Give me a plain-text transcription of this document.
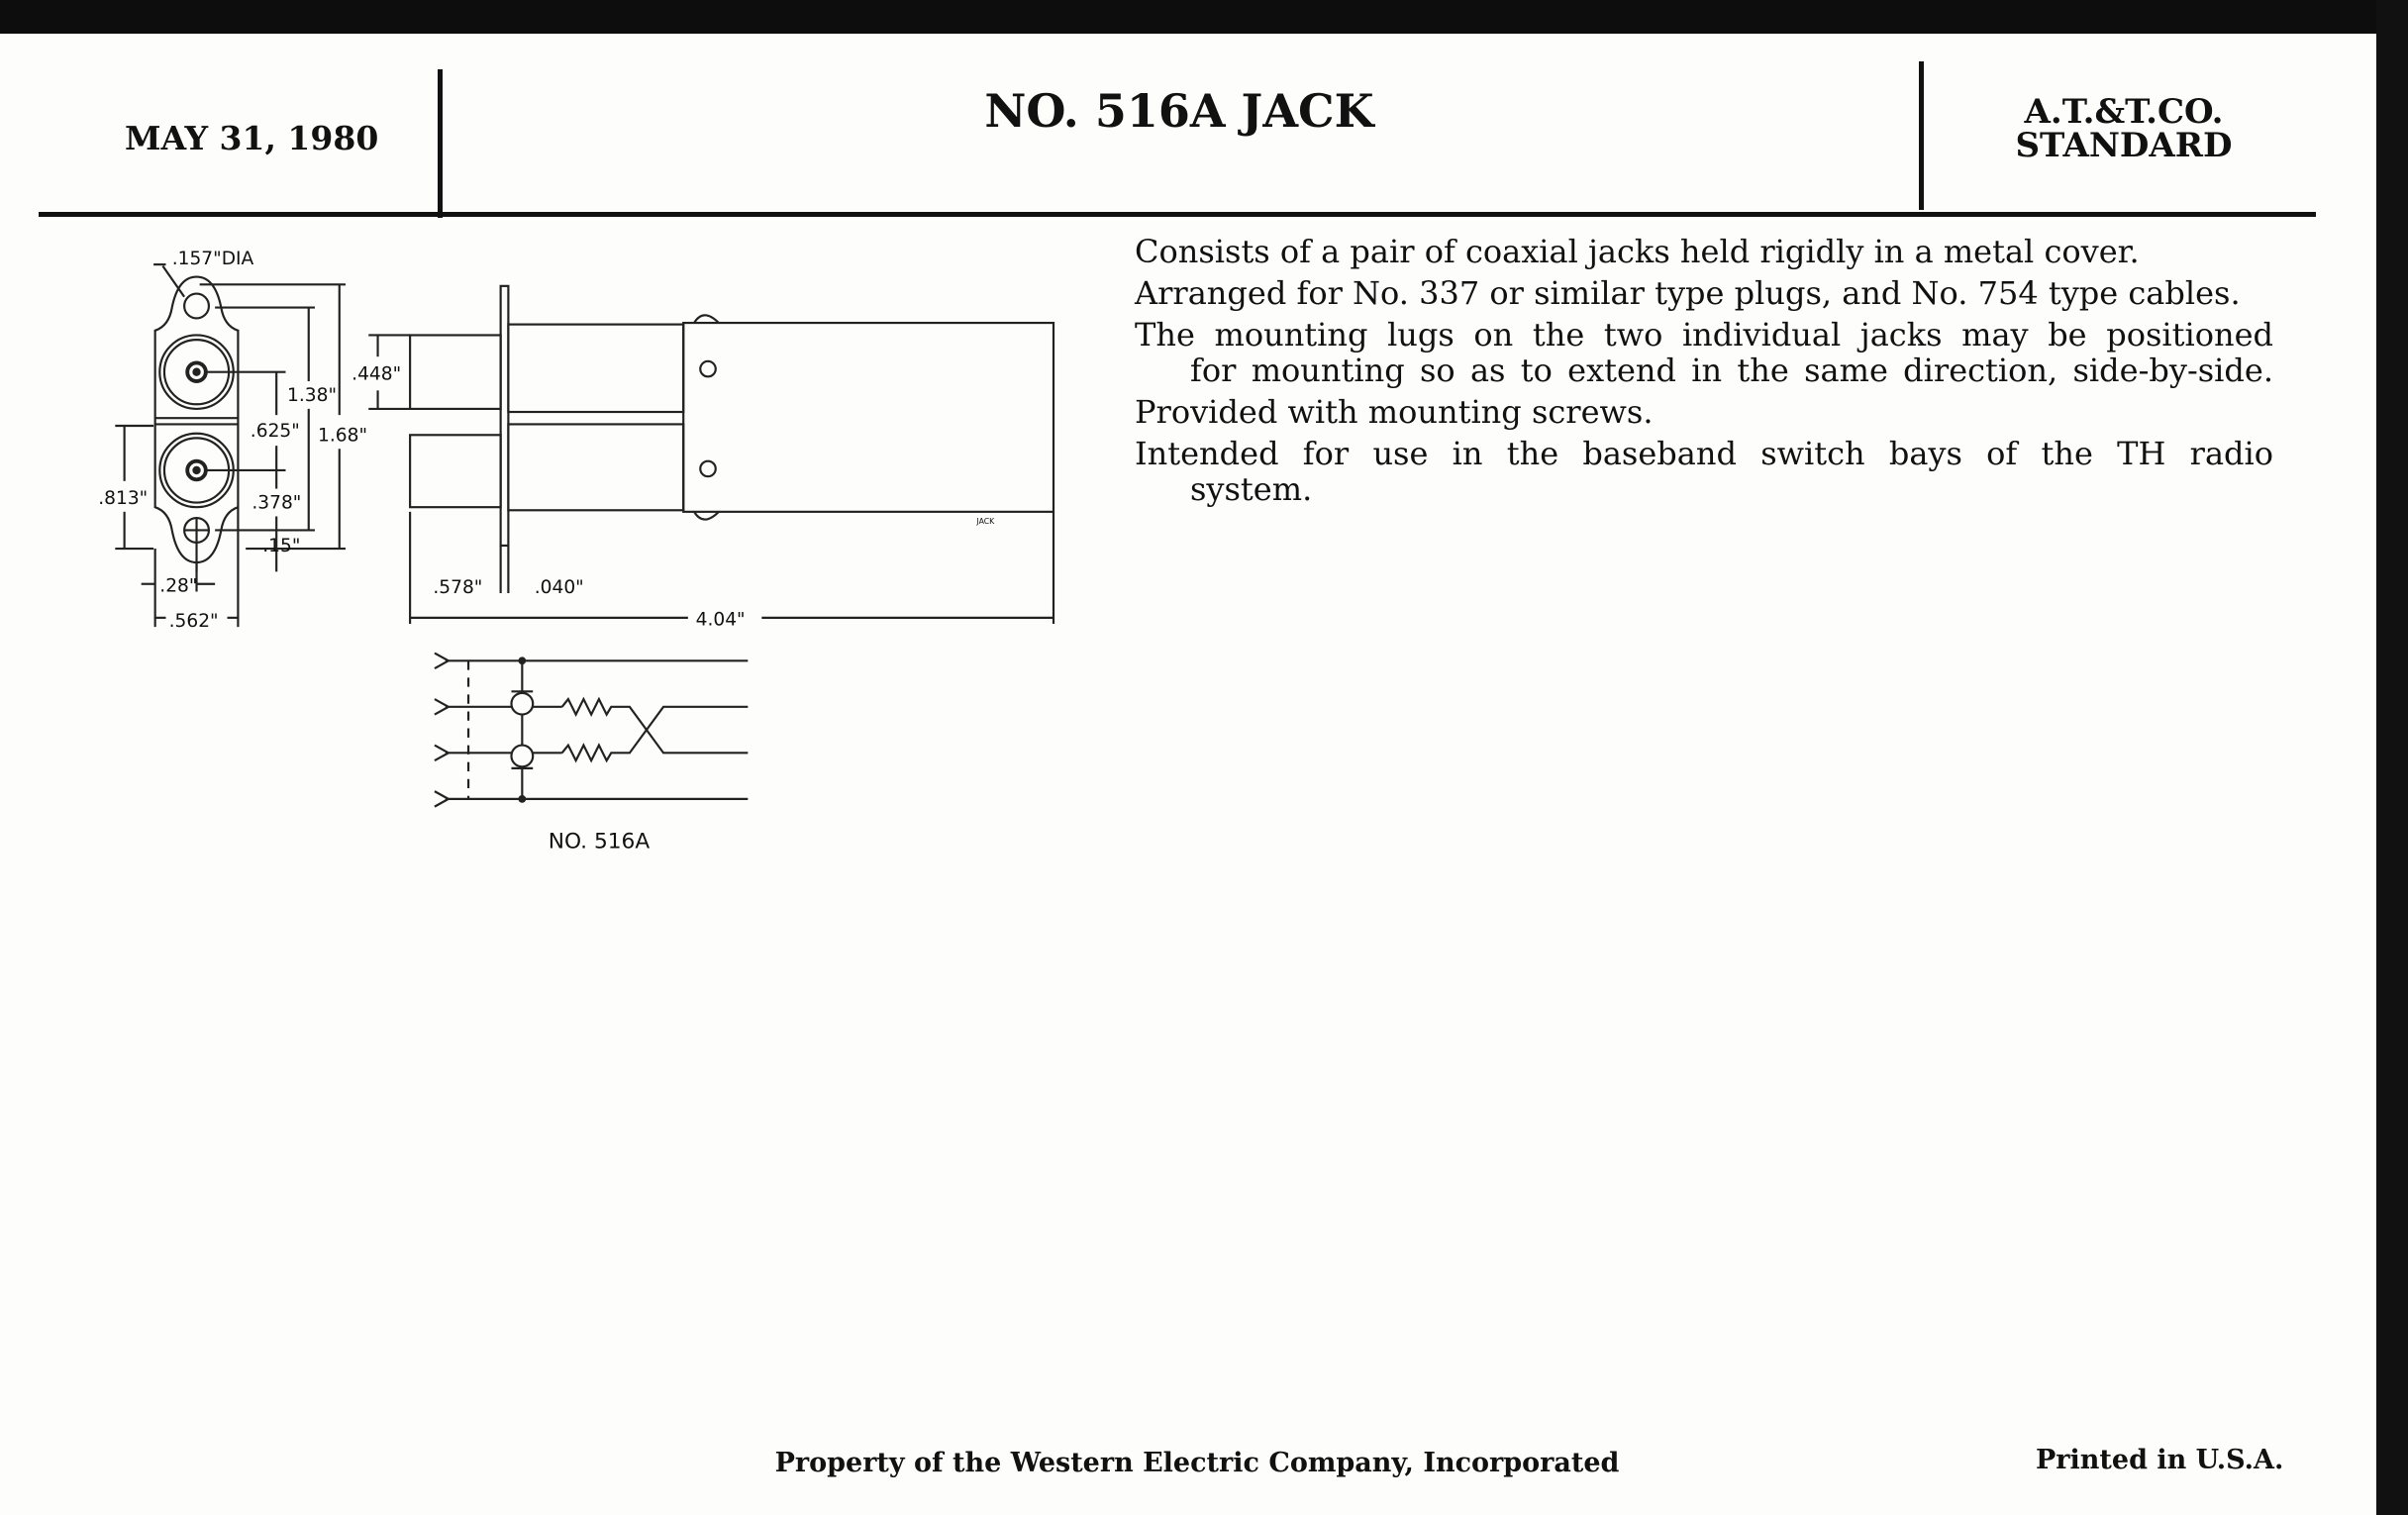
MAY 31, 1980
NO. 516A JACK	A.T.&T.CO.
STANDARD

Consists of a pair of coaxial jacks held rigidly in a metal cover.

Arranged for No. 337 or similar type plugs, and No. 754 type cables.

The mounting lugs on the two individual jacks may be positioned
for mounting so as to extend in the same direction, side-by-side.

Provided with mounting screws.

Intended for use in the baseband switch bays of the TH radio
system.

.157"DIA
1.68"
1.38"
.625"
.378"
.15"
.813"
.28"
.562"
.448"
.578"	.040"
4.04"
JACK
NO. 516A
Property of the Western Electric Company, Incorporated	Printed in U.S.A.
